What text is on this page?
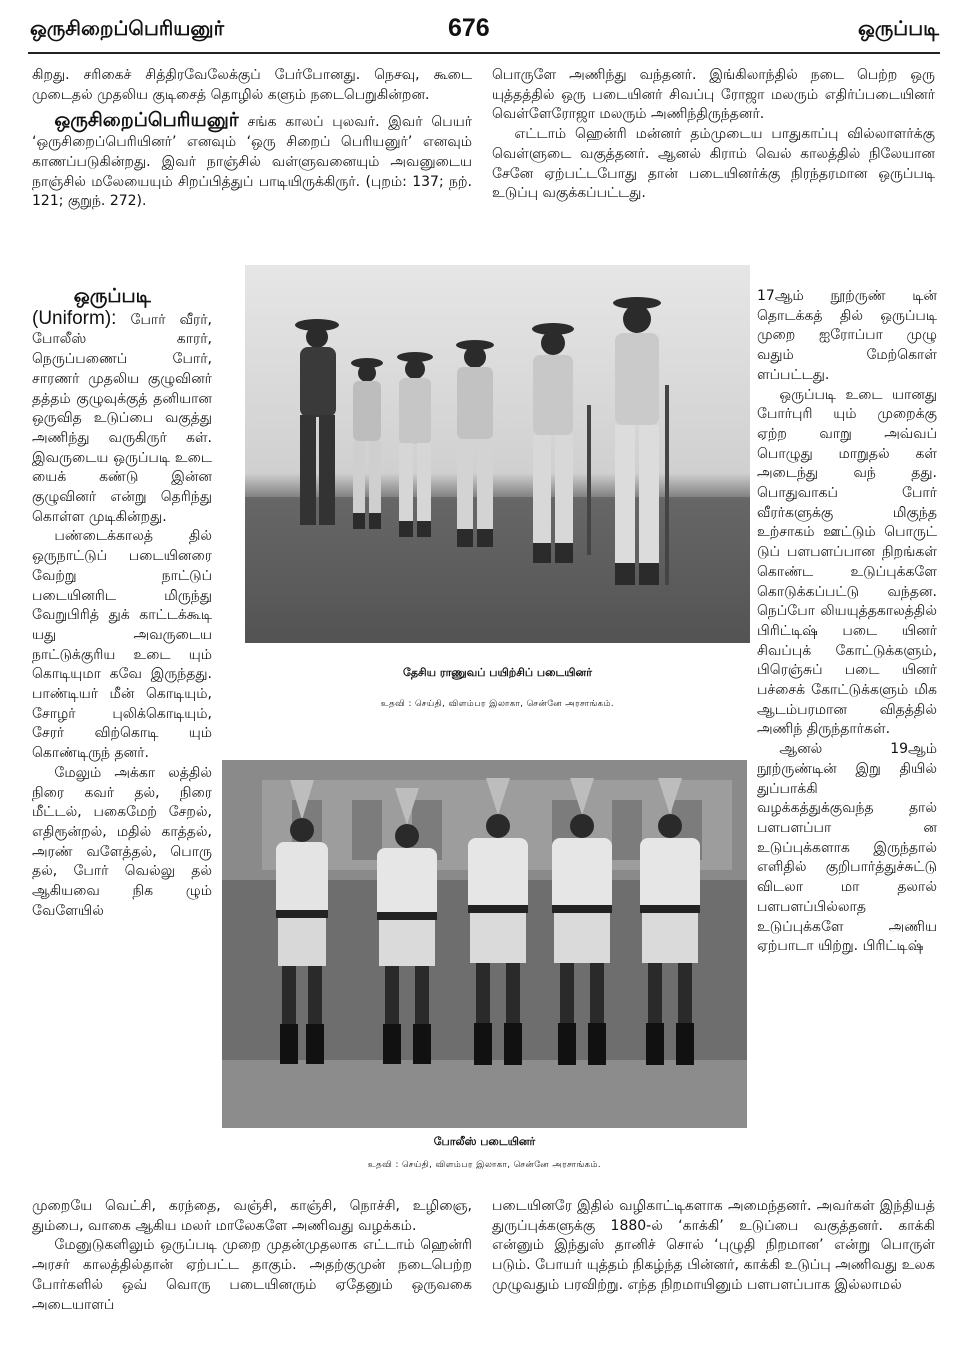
ஒருசிறைப்பெரியனுர்	676	ஒருப்படி

கிறது. சரிகைச் சித்திரவேலேக்குப் பேர்போனது. நெசவு, கூடை முடைதல் முதலிய குடிசைத் தொழில் களும் நடைபெறுகின்றன.

ஒருசிறைப்பெரியனுர் சங்க காலப் புலவர். இவர் பெயர் ‘ஒருசிறைப்பெரியினர்’ எனவும் ‘ஒரு சிறைப் பெரியனுர்’ எனவும் காணப்படுகின்றது. இவர் நாஞ்சில் வள்ளுவனையும் அவனுடைய நாஞ்சில் மலேயையும் சிறப்பித்துப் பாடியிருக்கிருர். (புறம்: 137; நற். 121; குறுந். 272).

ஒருப்படி
(Uniform): போர் வீரர், போலீஸ் காரர், நெருப்பணைப் போர், சாரணர் முதலிய குழுவினர் தத்தம் குழுவுக்குத் தனியான ஒருவித உடுப்பை வகுத்து அணிந்து வருகிருர் கள். இவருடைய ஒருப்படி உடை யைக் கண்டு இன்ன குழுவினர் என்று தெரிந்து கொள்ள முடிகின்றது.

பண்டைக்காலத் தில் ஒருநாட்டுப் படையினரை வேற்று நாட்டுப் படையினரிட மிருந்து வேறுபிரித் துக் காட்டக்கூடி யது அவருடைய நாட்டுக்குரிய உடை யும் கொடியுமா கவே இருந்தது. பாண்டியர் மீன் கொடியும், சோழர் புலிக்கொடியும், சேரர் விற்கொடி யும் கொண்டிருந் தனர்.

மேலும் அக்கா லத்தில் நிரை கவர் தல், நிரை மீட்டல், பகைமேற் சேறல், எதிரூன்றல், மதில் காத்தல், அரண் வளேத்தல், பொரு தல், போர் வெல்லு தல் ஆகியவை நிக ழும் வேளேயில்

முறையே வெட்சி, கரந்தை, வஞ்சி, காஞ்சி, நொச்சி, உழிஞை, தும்பை, வாகை ஆகிய மலர் மாலேகளே அணிவது வழக்கம்.

மேனுடுகளிலும் ஒருப்படி முறை முதன்முதலாக எட்டாம் ஹென்ரி அரசர் காலத்தில்தான் ஏற்பட்ட தாகும். அதற்குமுன் நடைபெற்ற போர்களில் ஒவ் வொரு படையினரும் ஏதேனும் ஒருவகை அடையாளப்

பொருளே அணிந்து வந்தனர். இங்கிலாந்தில் நடை பெற்ற ஒரு யுத்தத்தில் ஒரு படையினர் சிவப்பு ரோஜா மலரும் எதிர்ப்படையினர் வெள்ளேரோஜா மலரும் அணிந்திருந்தனர்.

எட்டாம் ஹென்ரி மன்னர் தம்முடைய பாதுகாப்பு வில்லாளர்க்கு வெள்ளுடை வகுத்தனர். ஆனல் கிராம் வெல் காலத்தில் நிலேயான சேனே ஏற்பட்டபோது தான் படையினர்க்கு நிரந்தரமான ஒருப்படி உடுப்பு வகுக்கப்பட்டது.

17ஆம் நூற்ருண் டின் தொடக்கத் தில் ஒருப்படி முறை ஐரோப்பா முழு வதும் மேற்கொள் ளப்பட்டது.

ஒருப்படி உடை யானது போர்புரி யும் முறைக்கு ஏற்ற வாறு அவ்வப் பொழுது மாறுதல் கள் அடைந்து வந் தது. பொதுவாகப் போர் வீரர்களுக்கு மிகுந்த உற்சாகம் ஊட்டும் பொருட் டுப் பளபளப்பான நிறங்கள் கொண்ட உடுப்புக்களே கொடுக்கப்பட்டு வந்தன. நெப்போ லியயுத்தகாலத்தில் பிரிட்டிஷ் படை யினர் சிவப்புக் கோட்டுக்களும், பிரெஞ்சுப் படை யினர் பச்சைக் கோட்டுக்களும் மிக ஆடம்பரமான விதத்தில் அணிந் திருந்தார்கள்.

ஆனல் 19ஆம் நூற்ருண்டின் இறு தியில் துப்பாக்கி வழக்கத்துக்குவந்த தால் பளபளப்பா ன உடுப்புக்களாக இருந்தால் எளிதில் குறிபார்த்துச்சுட்டு விடலா மா தலால் பளபளப்பில்லாத உடுப்புக்களே அணிய ஏற்பாடா யிற்று. பிரிட்டிஷ்

படையினரே இதில் வழிகாட்டிகளாக அமைந்தனர். அவர்கள் இந்தியத் துருப்புக்களுக்கு 1880-ல் ‘காக்கி’ உடுப்பை வகுத்தனர். காக்கி என்னும் இந்துஸ் தானிச் சொல் ‘புழுதி நிறமான’ என்று பொருள் படும். போயர் யுத்தம் நிகழ்ந்த பின்னர், காக்கி உடுப்பு அணிவது உலக முழுவதும் பரவிற்று. எந்த நிறமாயினும் பளபளப்பாக இல்லாமல்

தேசிய ராணுவப் பயிற்சிப் படையினர்
உதவி : செய்தி, விளம்பர இலாகா, சென்னே அரசாங்கம்.
போலீஸ் படையினர்
உதவி : செய்தி, விளம்பர இலாகா, சென்னே அரசாங்கம்.
